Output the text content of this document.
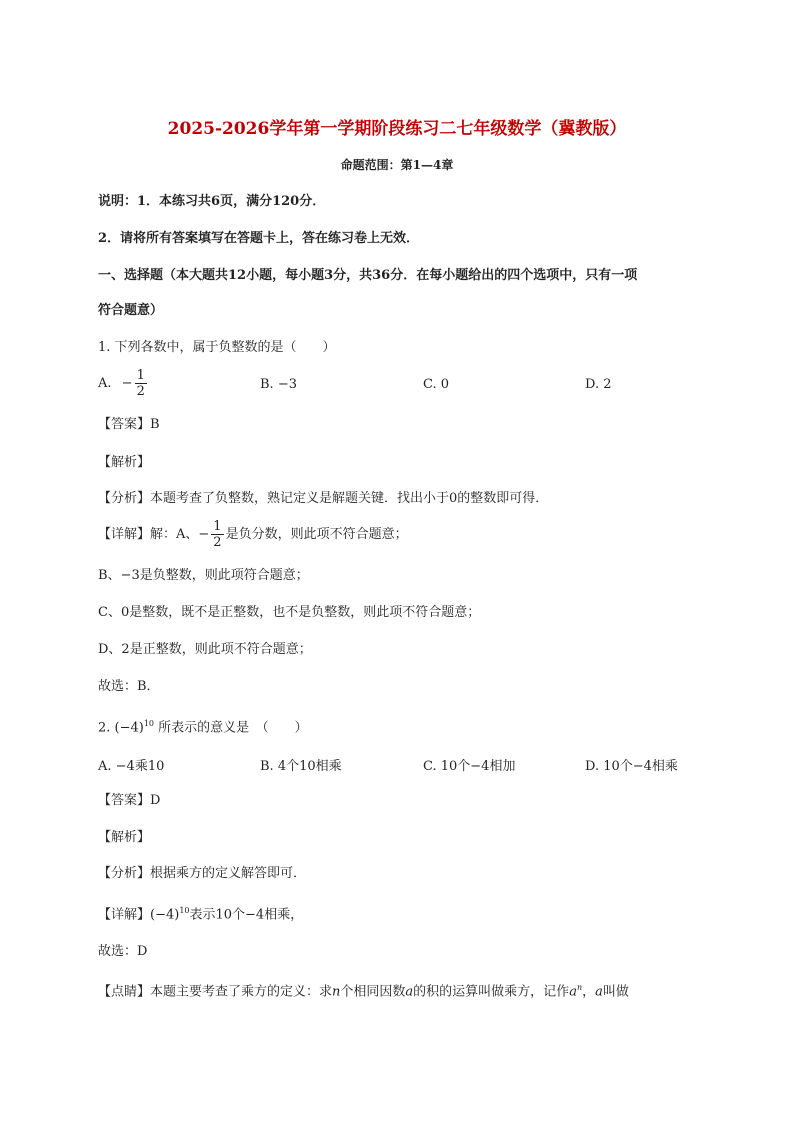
2025-2026学年第一学期阶段练习二七年级数学（冀教版）
命题范围：第1—4章
说明：1．本练习共6页，满分120分．
2．请将所有答案填写在答题卡上，答在练习卷上无效．
一、选择题（本大题共12小题，每小题3分，共36分．在每小题给出的四个选项中，只有一项
符合题意）
1. 下列各数中，属于负整数的是（　　）
A. − $\frac{1}{2}$	B. −3	C. 0	D. 2
【答案】B
【解析】
【分析】本题考查了负整数，熟记定义是解题关键．找出小于0的整数即可得．
【详解】解：A、− $\frac{1}{2}$ 是负分数，则此项不符合题意；
B、−3是负整数，则此项符合题意；
C、0是整数，既不是正整数，也不是负整数，则此项不符合题意；
D、2是正整数，则此项不符合题意；
故选：B．
2. $(-4)^{10}$ 所表示的意义是　（　　）
A. −4乘10	B. 4个10相乘	C. 10个−4相加	D. 10个−4相乘
【答案】D
【解析】
【分析】根据乘方的定义解答即可．
【详解】$(-4)^{10}$表示10个−4相乘，
故选：D
【点睛】本题主要考查了乘方的定义：求n个相同因数a的积的运算叫做乘方，记作$a^n$，a叫做
